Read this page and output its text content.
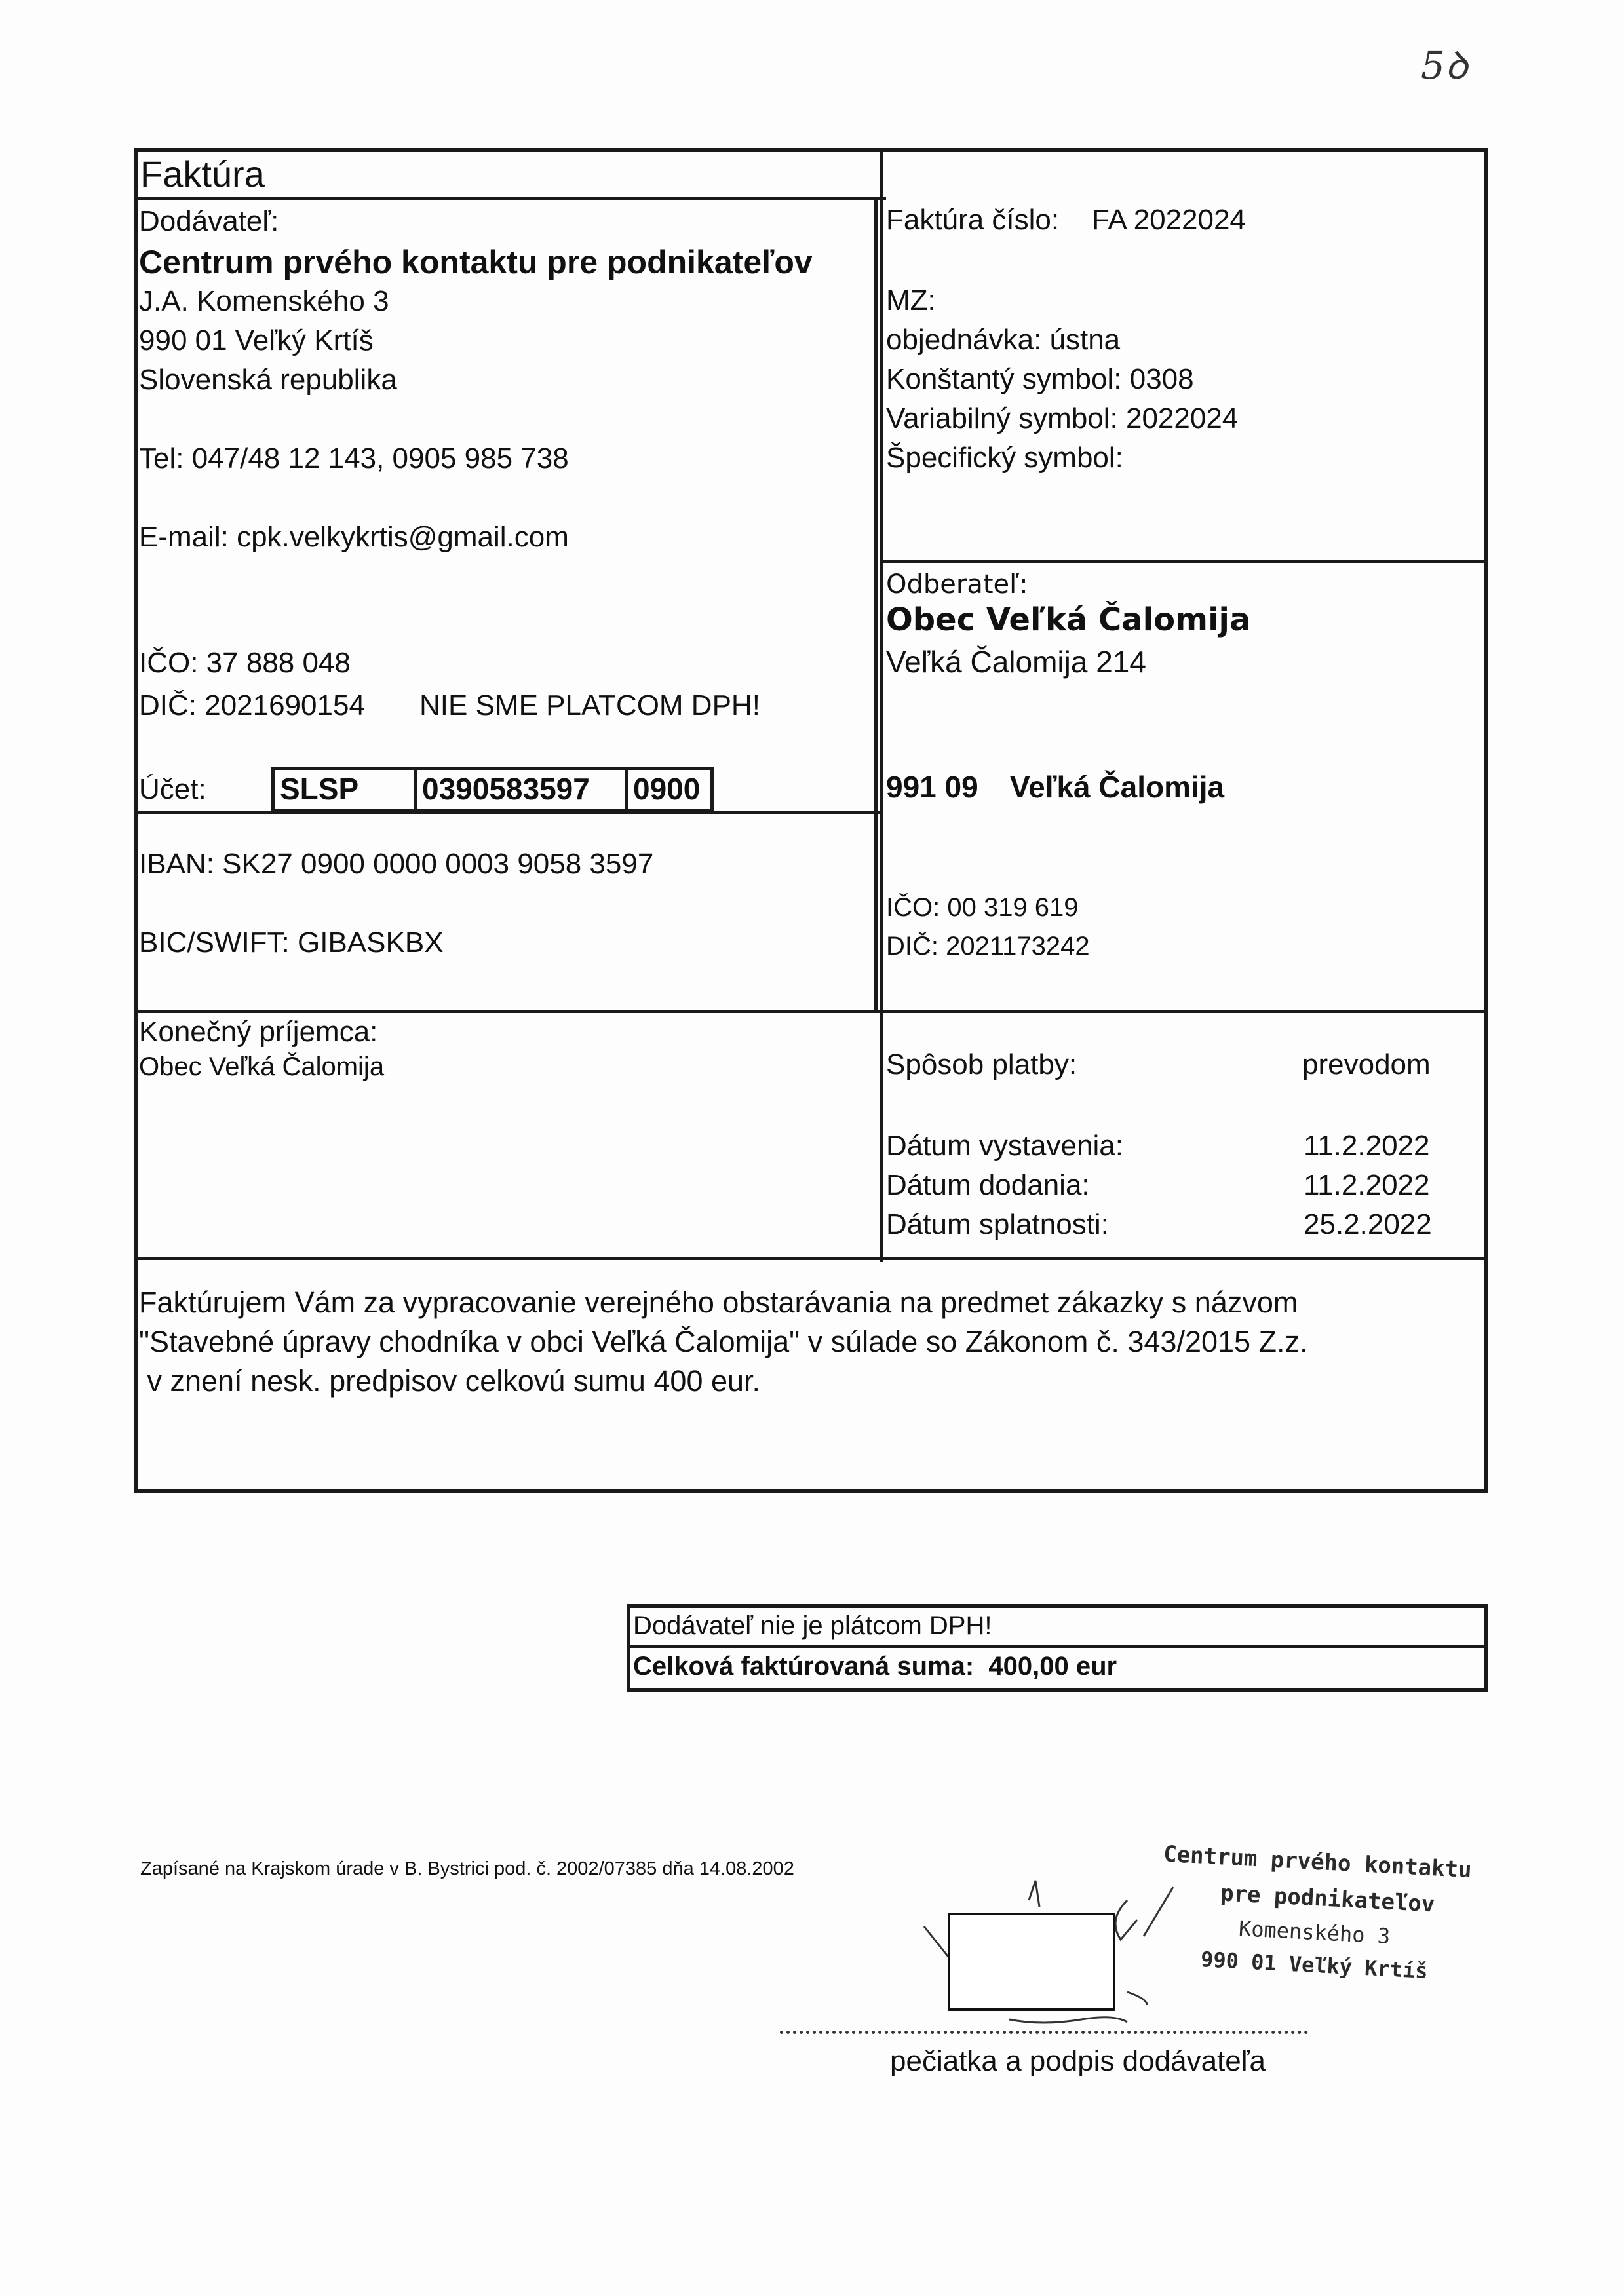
5ꝺ
Faktúra
Dodávateľ:
Centrum prvého kontaktu pre podnikateľov
J.A. Komenského 3
990 01 Veľký Krtíš
Slovenská republika
Tel: 047/48 12 143, 0905 985 738
E-mail: cpk.velkykrtis@gmail.com
IČO: 37 888 048
DIČ: 2021690154 NIE SME PLATCOM DPH!
Účet: SLSP	0390583597	0900
IBAN: SK27 0900 0000 0003 9058 3597
BIC/SWIFT: GIBASKBX
Faktúra číslo: FA 2022024
MZ:
objednávka: ústna
Konštantý symbol: 0308
Variabilný symbol: 2022024
Špecifický symbol:
Odberateľ:
Obec Veľká Čalomija
Veľká Čalomija 214
991 09 Veľká Čalomija
IČO: 00 319 619
DIČ: 2021173242
Konečný príjemca:
Obec Veľká Čalomija	Spôsob platby:	prevodom
Dátum vystavenia:	11.2.2022
Dátum dodania:	11.2.2022
Dátum splatnosti:	25.2.2022
Faktúrujem Vám za vypracovanie verejného obstarávania na predmet zákazky s názvom
"Stavebné úpravy chodníka v obci Veľká Čalomija" v súlade so Zákonom č. 343/2015 Z.z.
v znení nesk. predpisov celkovú sumu 400 eur.
Dodávateľ nie je plátcom DPH!
Celková faktúrovaná suma:  400,00 eur
Zapísané na Krajskom úrade v B. Bystrici pod. č. 2002/07385 dňa 14.08.2002	Centrum prvého kontaktu
pre podnikateľov
Komenského 3
990 01 Veľký Krtíš
pečiatka a podpis dodávateľa
